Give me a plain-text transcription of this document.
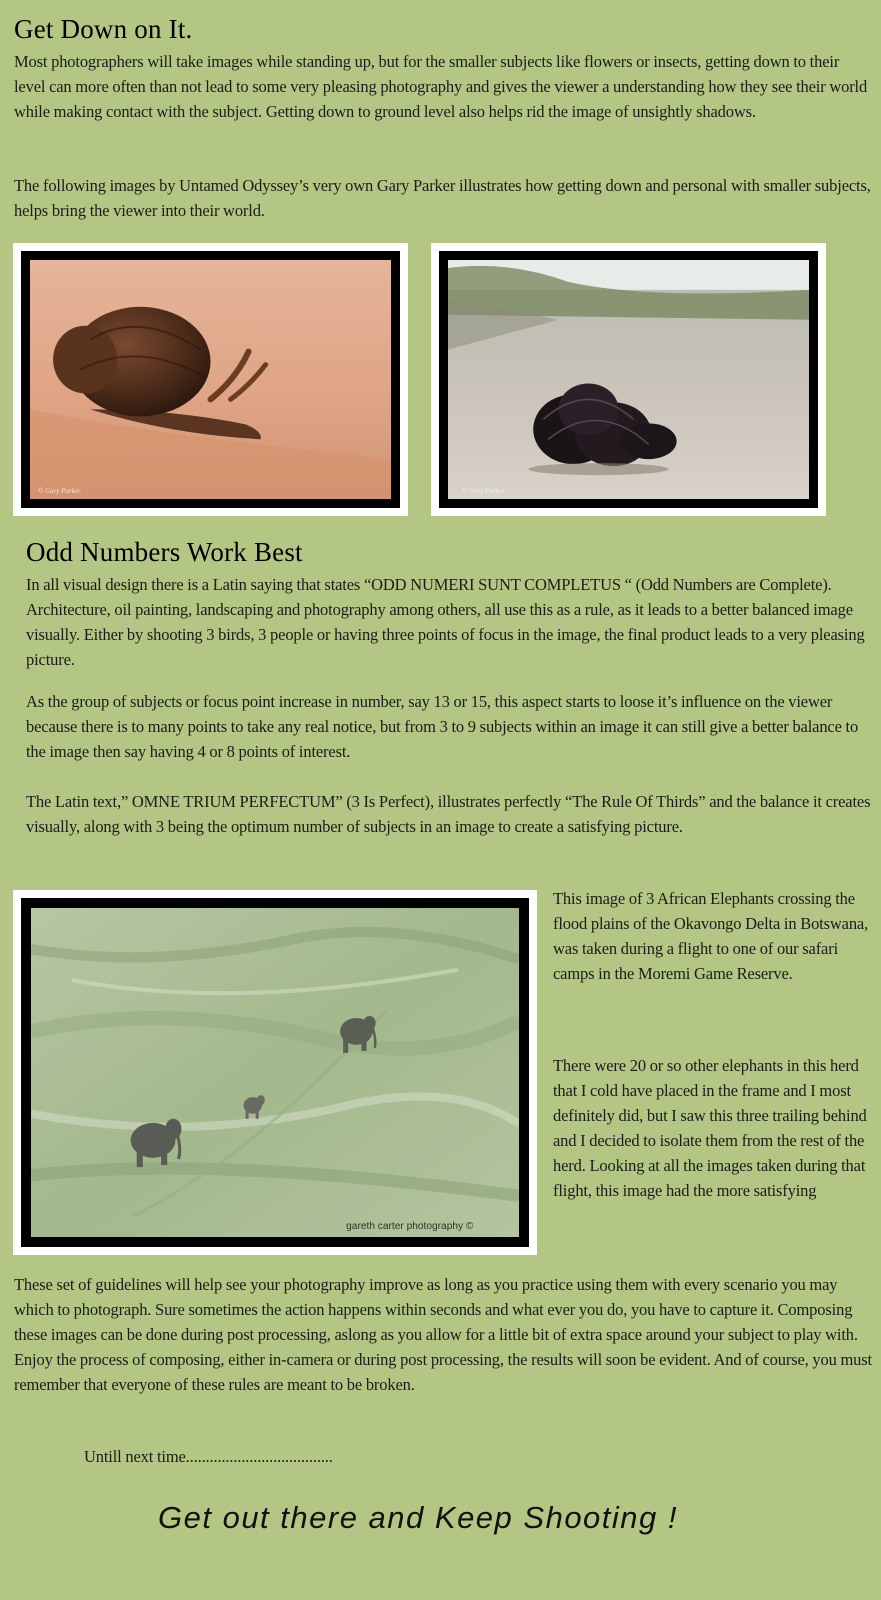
Get Down on It.

Most photographers will take images while standing up, but for the smaller subjects like flowers or insects, getting down to their level can more often than not lead to some very pleasing photography and gives the viewer a understanding how they see their world while making contact with the subject. Getting down to ground level also helps rid the image of unsightly shadows.

The following images by Untamed Odyssey’s very own Gary Parker illustrates how getting down and personal with smaller subjects, helps bring the viewer into their world.

© Gary Parker	© Gary Parker
Odd Numbers Work Best

In all visual design there is a Latin saying that states “ODD NUMERI SUNT COMPLETUS “ (Odd Numbers are Complete). Architecture, oil painting, landscaping and photography among others, all use this as a rule, as it leads to a better balanced image visually. Either by shooting 3 birds, 3 people or having three points of focus in the image, the final product leads to a very pleasing picture.

As the group of subjects or focus point increase in number, say 13 or 15, this aspect starts to loose it’s influence on the viewer because there is to many points to take any real notice, but from 3 to 9 subjects within an image it can still give a better balance to the image then say having 4 or 8 points of interest.

The Latin text,” OMNE TRIUM PERFECTUM” (3 Is Perfect), illustrates perfectly “The Rule Of Thirds” and the balance it creates visually, along with 3 being the optimum number of subjects in an image to create a satisfying picture.

gareth carter photography ©

This image of 3 African Elephants crossing the flood plains of the Okavongo Delta in Botswana, was taken during a flight to one of our safari camps in the Moremi Game Reserve.

There were 20 or so other elephants in this herd that I cold have placed in the frame and I most definitely did, but I saw this three trailing behind and I decided to isolate them from the rest of the herd. Looking at all the images taken during that flight, this image had the more satisfying

These set of guidelines will help see your photography improve as long as you practice using them with every scenario you may which to photograph. Sure sometimes the action happens within seconds and what ever you do, you have to capture it. Composing these images can be done during post processing, aslong as you allow for a little bit of extra space around your subject to play with. Enjoy the process of composing, either in-camera or during post processing, the results will soon be evident. And of course, you must remember that everyone of these rules are meant to be broken.

Untill next time.....................................

Get out there and Keep Shooting !
